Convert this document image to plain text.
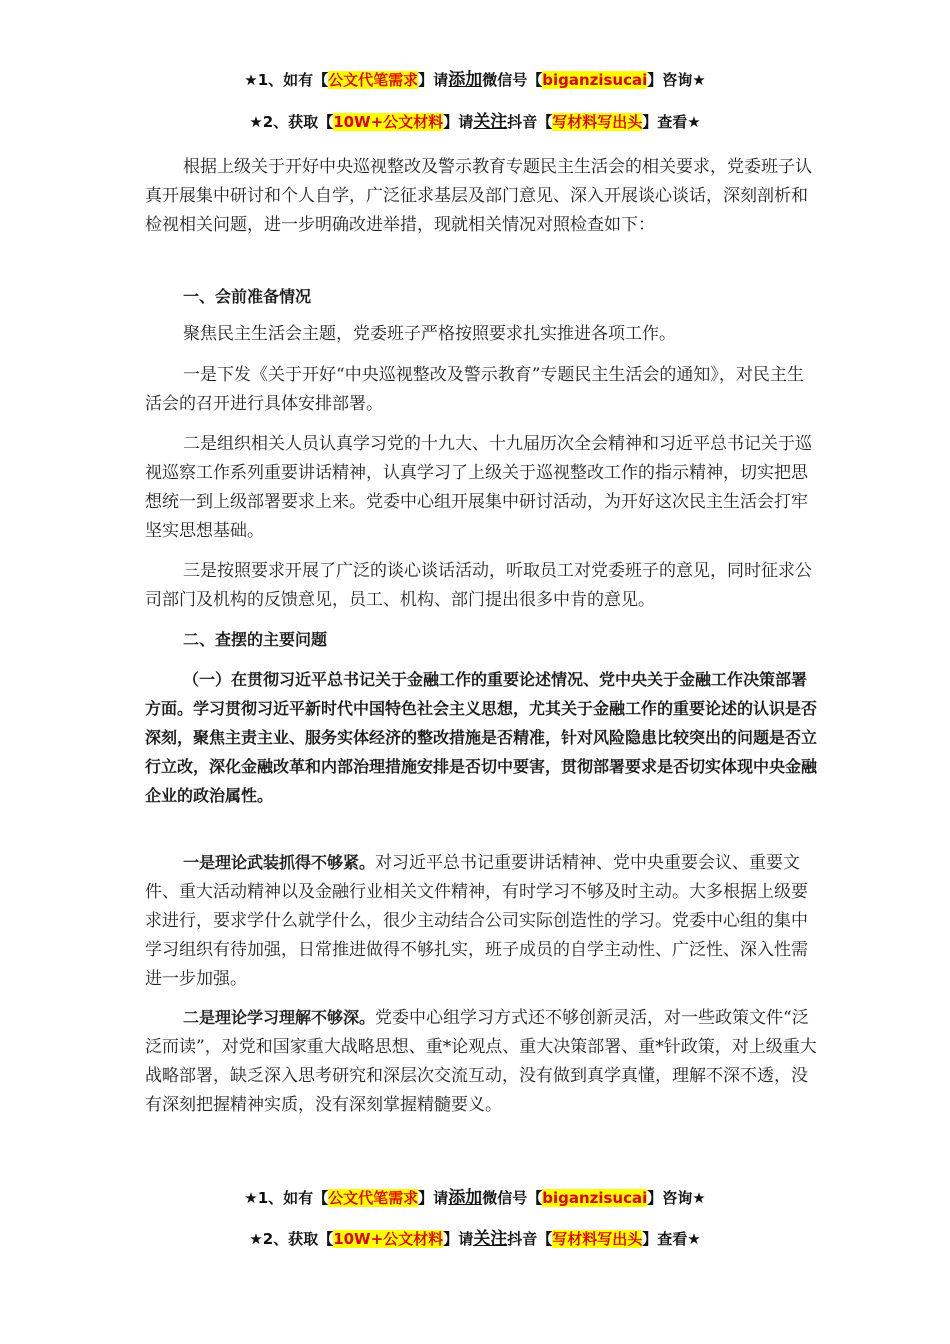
★1、如有【公文代笔需求】请添加微信号【biganzisucai】咨询★
★2、获取【10W+公文材料】请关注抖音【写材料写出头】查看★

根据上级关于开好中央巡视整改及警示教育专题民主生活会的相关要求，党委班子认真开展集中研讨和个人自学，广泛征求基层及部门意见、深入开展谈心谈话，深刻剖析和检视相关问题，进一步明确改进举措，现就相关情况对照检查如下：

一、会前准备情况

聚焦民主生活会主题，党委班子严格按照要求扎实推进各项工作。

一是下发《关于开好“中央巡视整改及警示教育”专题民主生活会的通知》，对民主生活会的召开进行具体安排部署。

二是组织相关人员认真学习党的十九大、十九届历次全会精神和习近平总书记关于巡视巡察工作系列重要讲话精神，认真学习了上级关于巡视整改工作的指示精神，切实把思想统一到上级部署要求上来。党委中心组开展集中研讨活动，为开好这次民主生活会打牢坚实思想基础。

三是按照要求开展了广泛的谈心谈话活动，听取员工对党委班子的意见，同时征求公司部门及机构的反馈意见，员工、机构、部门提出很多中肯的意见。

二、查摆的主要问题

（一）在贯彻习近平总书记关于金融工作的重要论述情况、党中央关于金融工作决策部署方面。学习贯彻习近平新时代中国特色社会主义思想，尤其关于金融工作的重要论述的认识是否深刻，聚焦主责主业、服务实体经济的整改措施是否精准，针对风险隐患比较突出的问题是否立行立改，深化金融改革和内部治理措施安排是否切中要害，贯彻部署要求是否切实体现中央金融企业的政治属性。

一是理论武装抓得不够紧。对习近平总书记重要讲话精神、党中央重要会议、重要文件、重大活动精神以及金融行业相关文件精神，有时学习不够及时主动。大多根据上级要求进行，要求学什么就学什么，很少主动结合公司实际创造性的学习。党委中心组的集中学习组织有待加强，日常推进做得不够扎实，班子成员的自学主动性、广泛性、深入性需进一步加强。

二是理论学习理解不够深。党委中心组学习方式还不够创新灵活，对一些政策文件“泛泛而读”，对党和国家重大战略思想、重*论观点、重大决策部署、重*针政策，对上级重大战略部署，缺乏深入思考研究和深层次交流互动，没有做到真学真懂，理解不深不透，没有深刻把握精神实质，没有深刻掌握精髓要义。

★1、如有【公文代笔需求】请添加微信号【biganzisucai】咨询★
★2、获取【10W+公文材料】请关注抖音【写材料写出头】查看★
